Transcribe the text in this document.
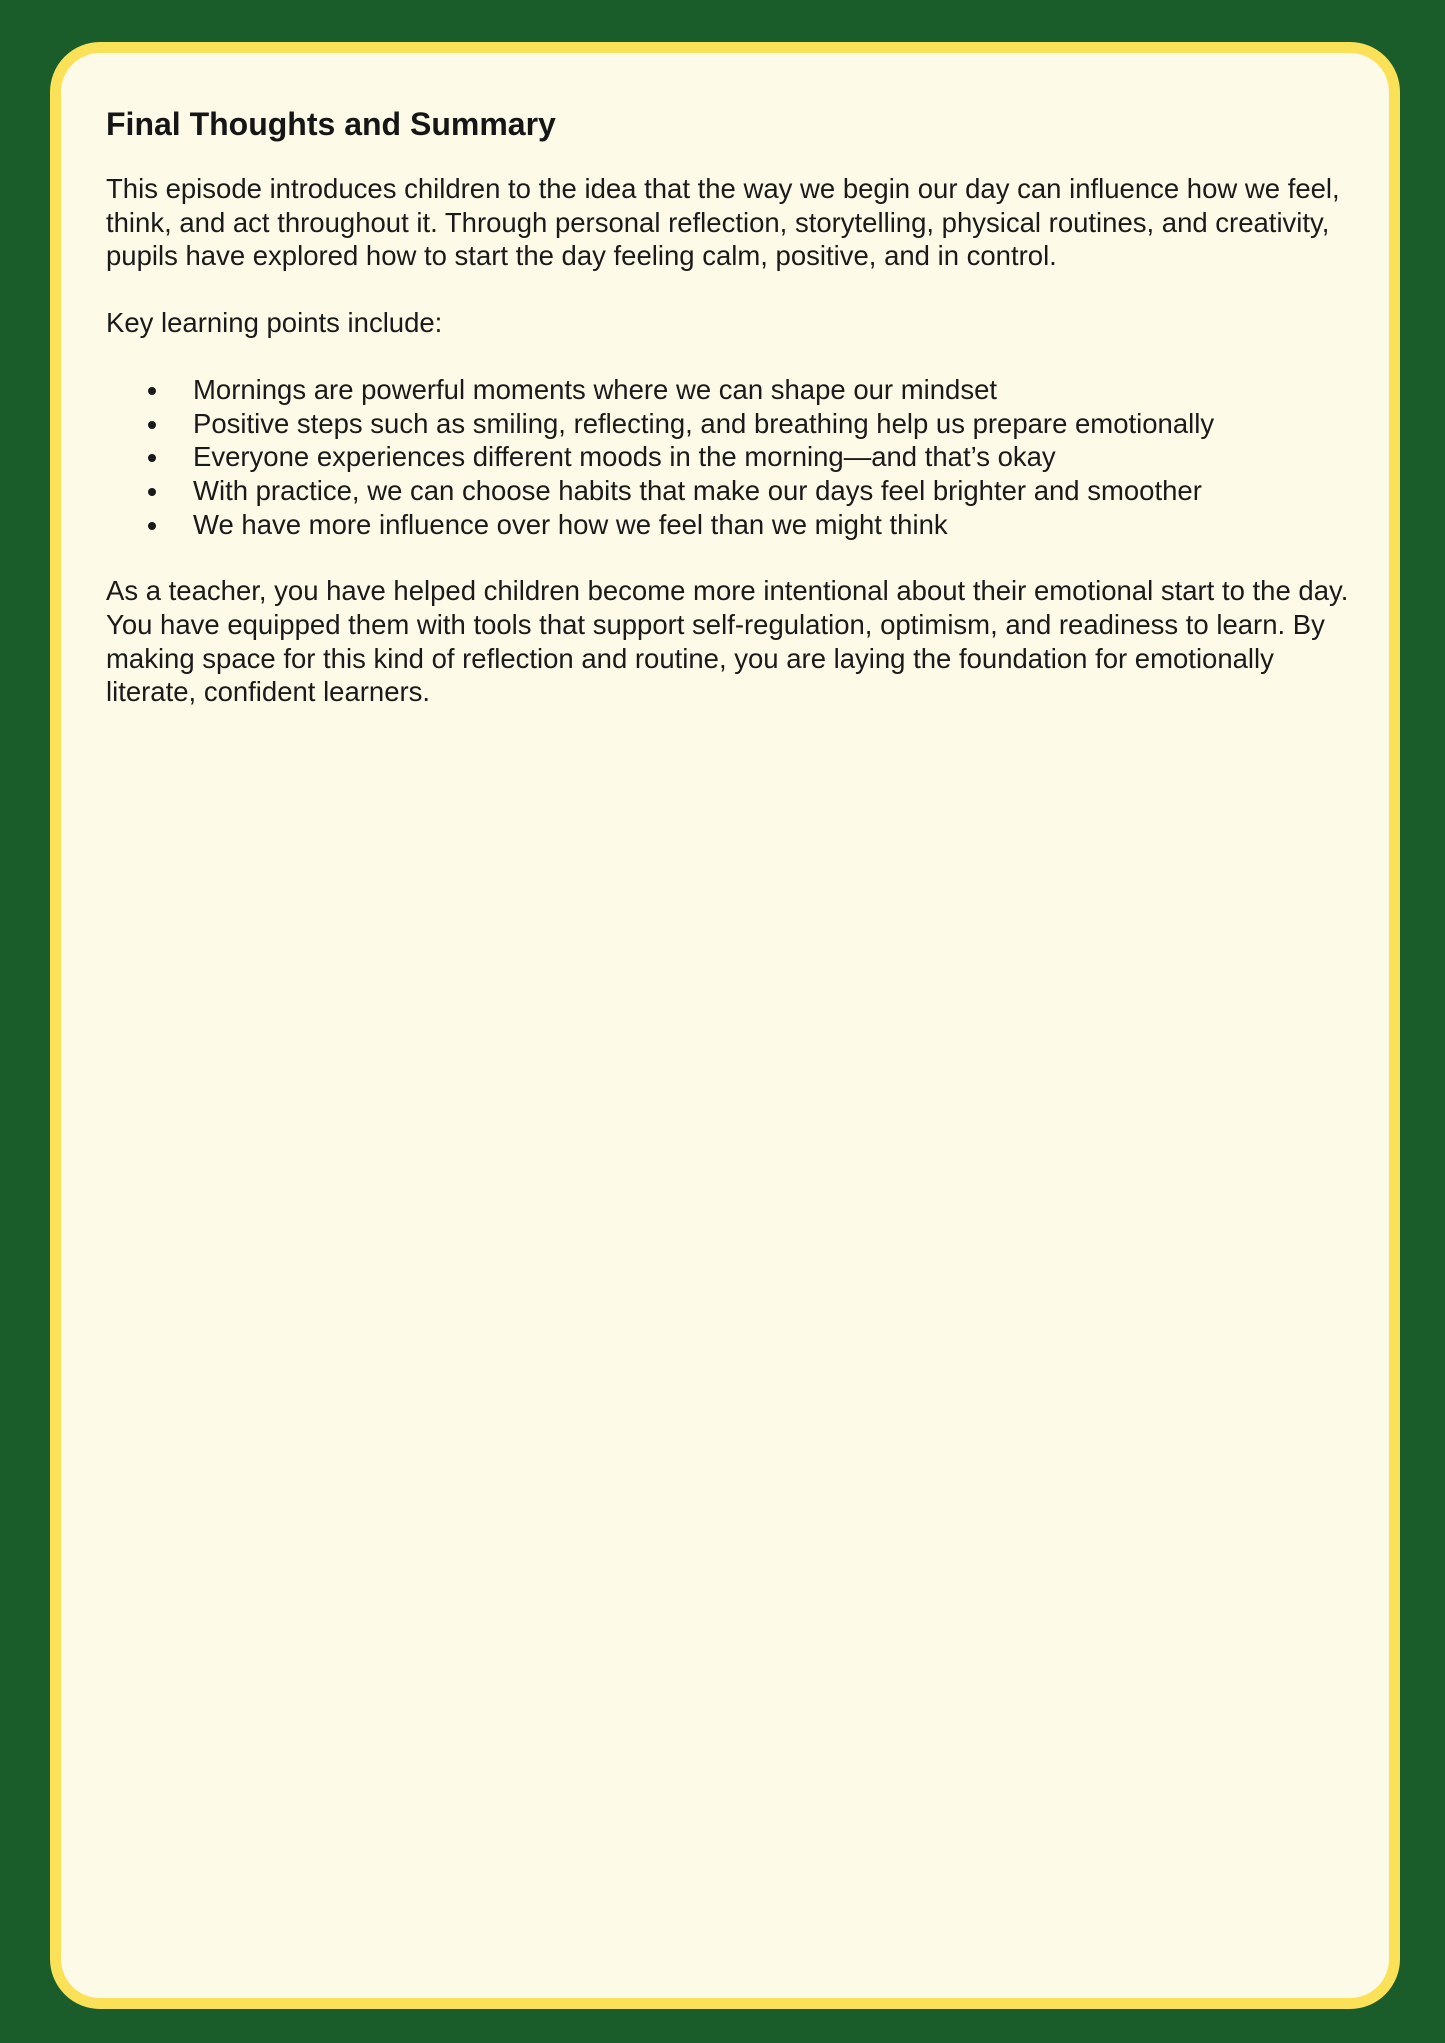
Final Thoughts and Summary

This episode introduces children to the idea that the way we begin our day can influence how we feel, think, and act throughout it. Through personal reflection, storytelling, physical routines, and creativity, pupils have explored how to start the day feeling calm, positive, and in control.

Key learning points include:

Mornings are powerful moments where we can shape our mindset
Positive steps such as smiling, reflecting, and breathing help us prepare emotionally
Everyone experiences different moods in the morning—and that’s okay
With practice, we can choose habits that make our days feel brighter and smoother
We have more influence over how we feel than we might think

As a teacher, you have helped children become more intentional about their emotional start to the day. You have equipped them with tools that support self-regulation, optimism, and readiness to learn. By making space for this kind of reflection and routine, you are laying the foundation for emotionally literate, confident learners.
